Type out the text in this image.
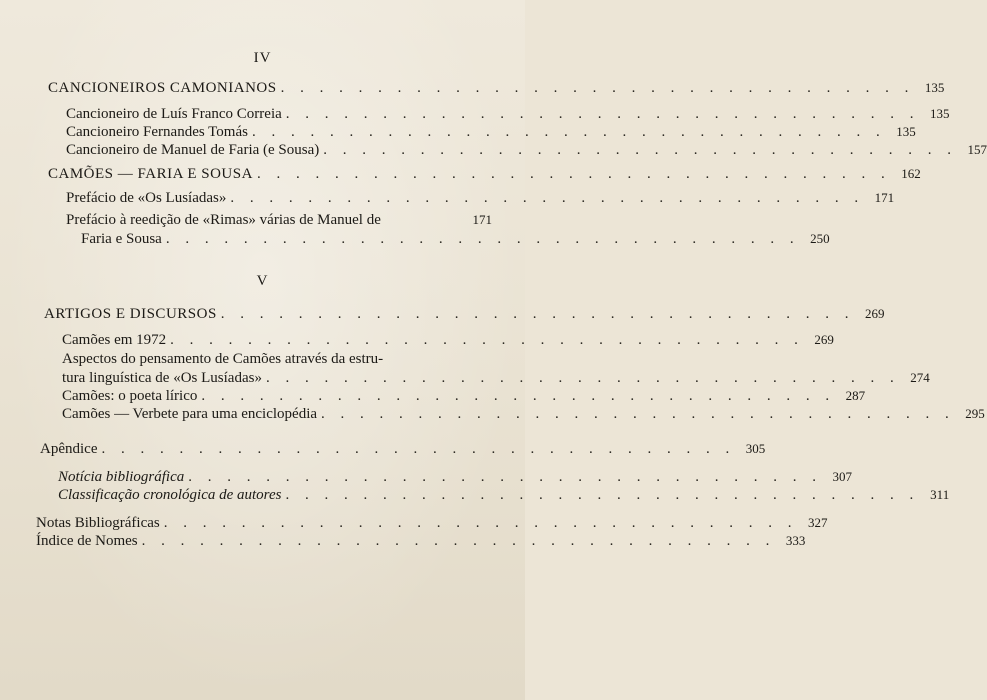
IV
CANCIONEIROS CAMONIANOS . . . . . . . . . . . . . . . . . . . . . . . . . . . . . . . . . 135
Cancioneiro de Luís Franco Correia . . . . . . . . . . . . . . . . . . . . . . . . . . . . . . . . . 135
Cancioneiro Fernandes Tomás . . . . . . . . . . . . . . . . . . . . . . . . . . . . . . . . . 135
Cancioneiro de Manuel de Faria (e Sousa) . . . . . . . . . . . . . . . . . . . . . . . . . . . . . . . . . 157
CAMÕES — FARIA E SOUSA . . . . . . . . . . . . . . . . . . . . . . . . . . . . . . . . . 162
Prefácio de «Os Lusíadas» . . . . . . . . . . . . . . . . . . . . . . . . . . . . . . . . . 171
Prefácio à reedição de «Rimas» várias de Manuel de	171
Faria e Sousa . . . . . . . . . . . . . . . . . . . . . . . . . . . . . . . . . 250
V
ARTIGOS E DISCURSOS . . . . . . . . . . . . . . . . . . . . . . . . . . . . . . . . . 269
Camões em 1972 . . . . . . . . . . . . . . . . . . . . . . . . . . . . . . . . . 269
Aspectos do pensamento de Camões através da estru-
tura linguística de «Os Lusíadas» . . . . . . . . . . . . . . . . . . . . . . . . . . . . . . . . . 274
Camões: o poeta lírico . . . . . . . . . . . . . . . . . . . . . . . . . . . . . . . . . 287
Camões — Verbete para uma enciclopédia . . . . . . . . . . . . . . . . . . . . . . . . . . . . . . . . . 295
Apêndice . . . . . . . . . . . . . . . . . . . . . . . . . . . . . . . . . 305
Notícia bibliográfica . . . . . . . . . . . . . . . . . . . . . . . . . . . . . . . . . 307
Classificação cronológica de autores . . . . . . . . . . . . . . . . . . . . . . . . . . . . . . . . . 311
Notas Bibliográficas . . . . . . . . . . . . . . . . . . . . . . . . . . . . . . . . . 327
Índice de Nomes . . . . . . . . . . . . . . . . . . . . . . . . . . . . . . . . . 333
